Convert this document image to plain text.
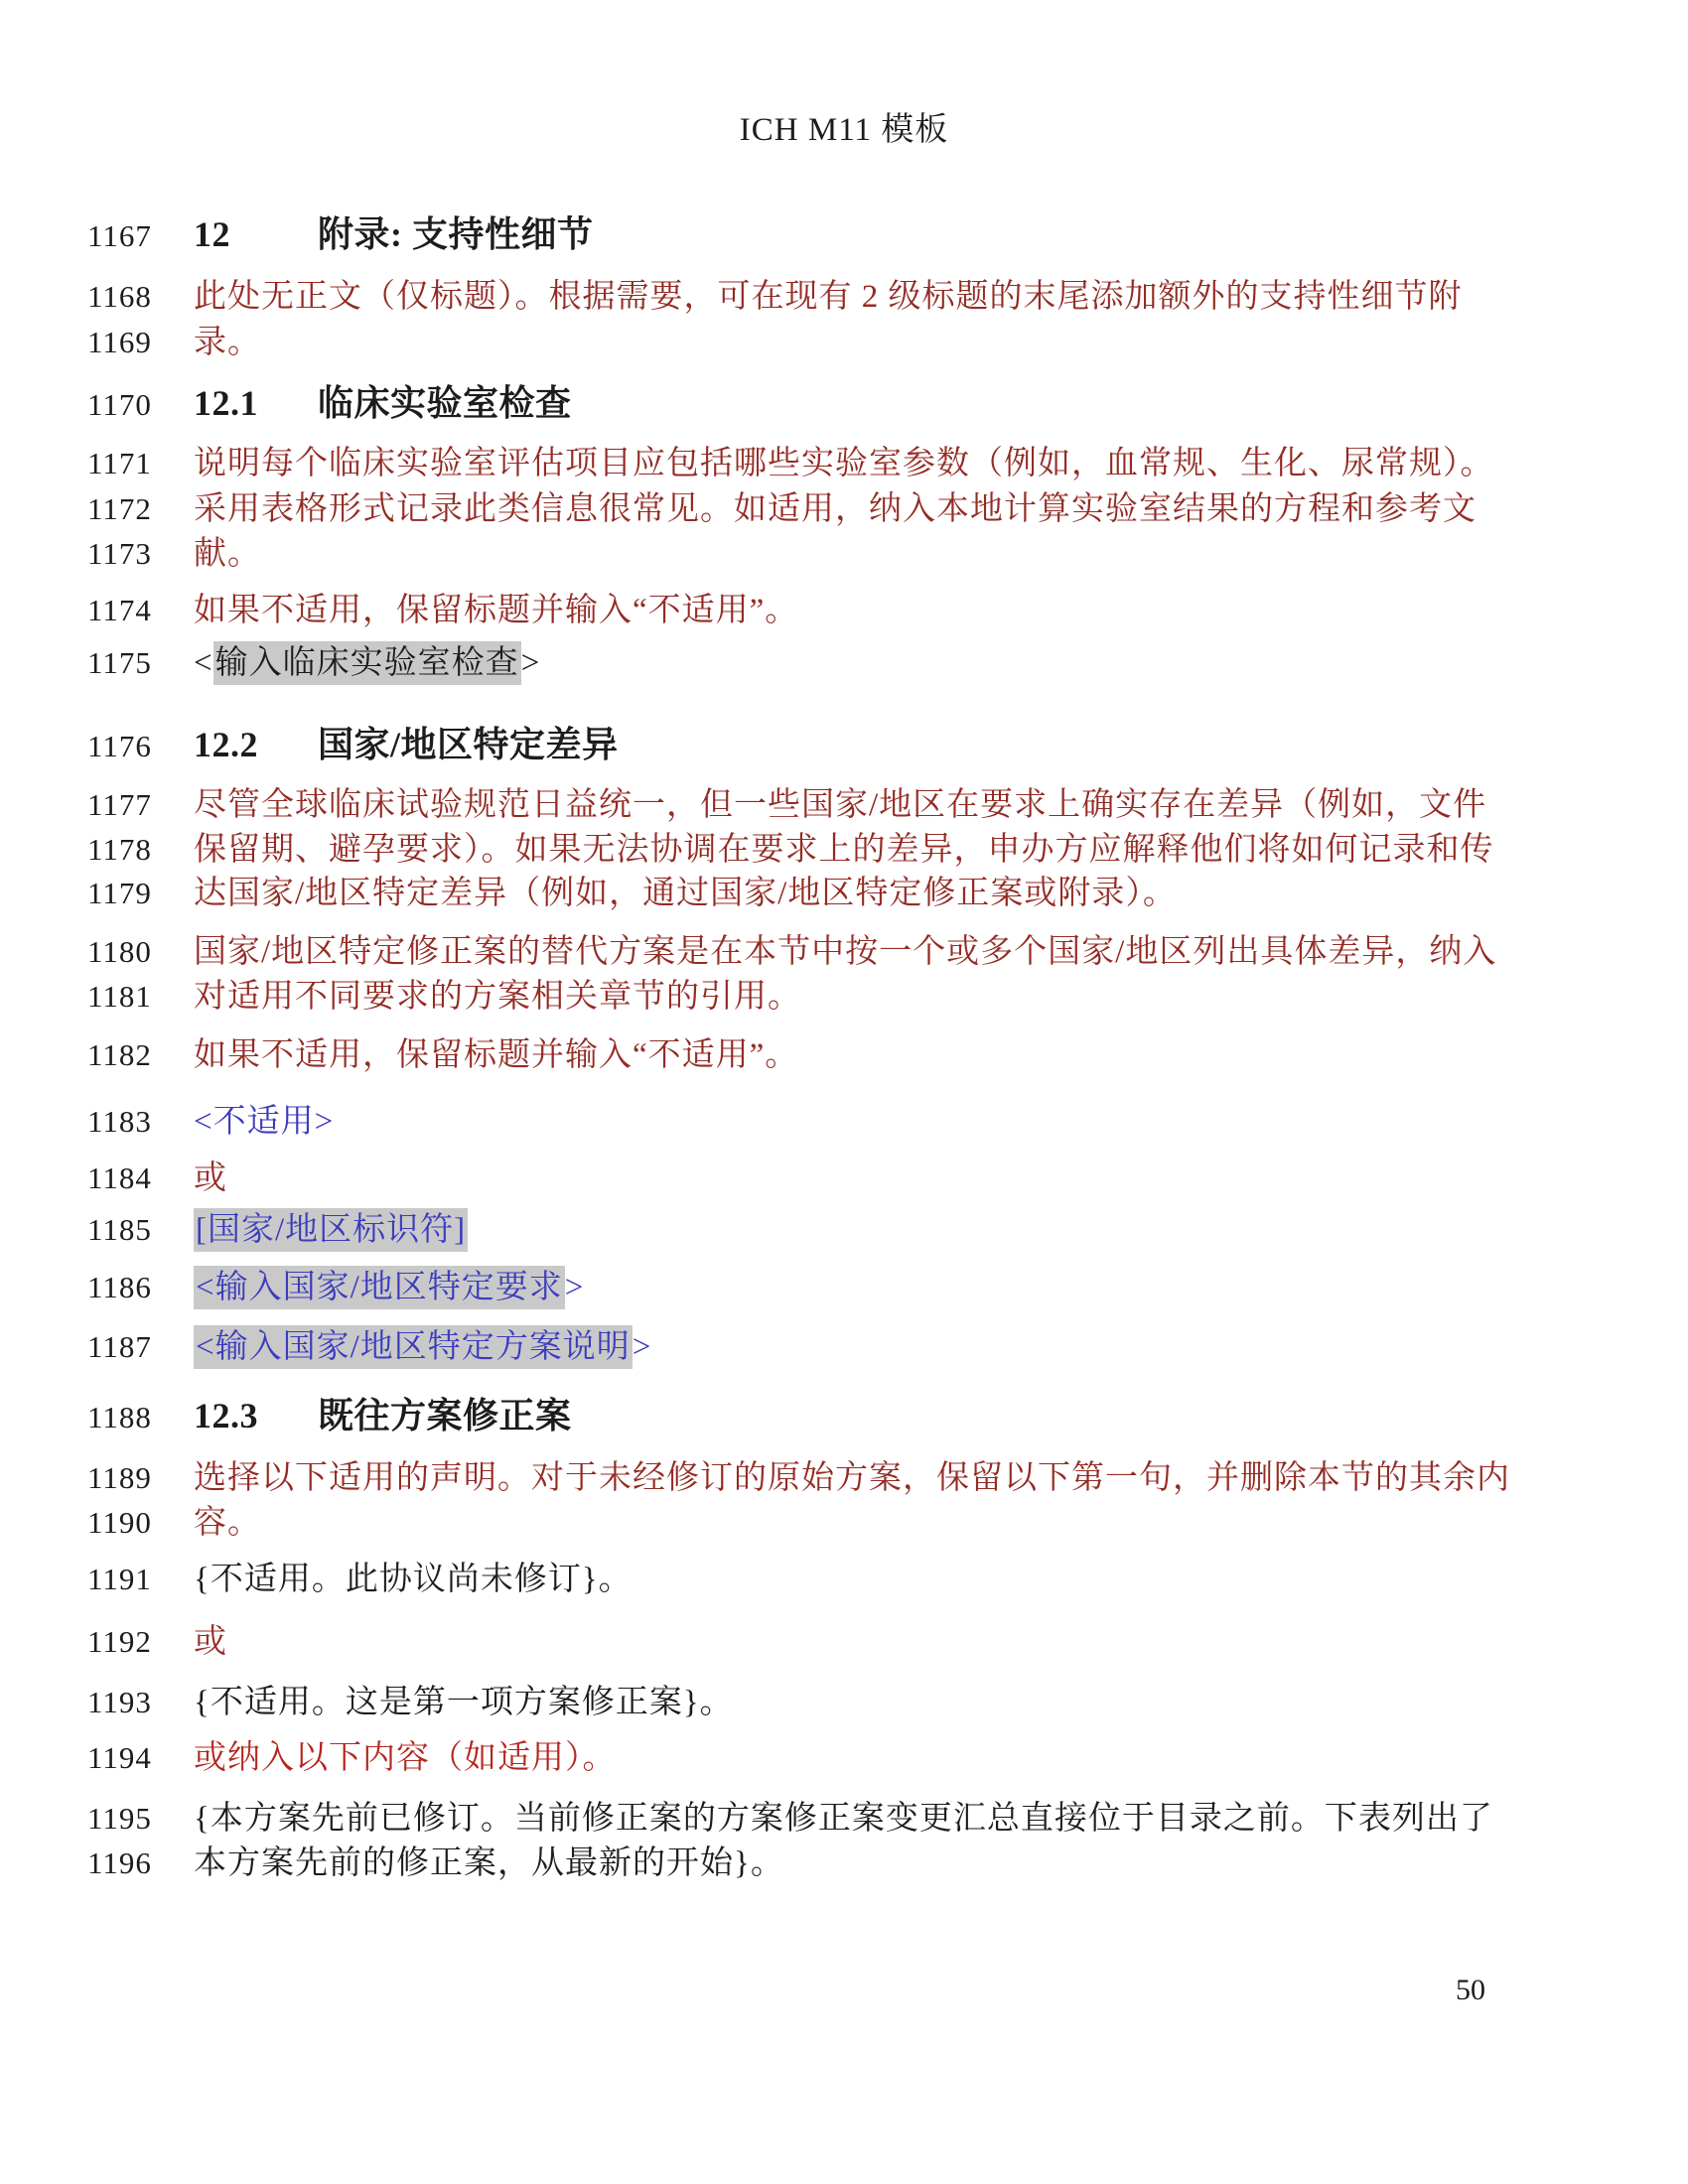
ICH M11 模板
1167 12 附录: 支持性细节
1168 此处无正文（仅标题）。根据需要，可在现有 2 级标题的末尾添加额外的支持性细节附
1169 录。
1170 12.1 临床实验室检查
1171 说明每个临床实验室评估项目应包括哪些实验室参数（例如，血常规、生化、尿常规）。
1172 采用表格形式记录此类信息很常见。如适用，纳入本地计算实验室结果的方程和参考文
1173 献。
1174 如果不适用，保留标题并输入“不适用”。
1175 <输入临床实验室检查>
1176 12.2 国家/地区特定差异
1177 尽管全球临床试验规范日益统一，但一些国家/地区在要求上确实存在差异（例如，文件
1178 保留期、避孕要求）。如果无法协调在要求上的差异，申办方应解释他们将如何记录和传
1179 达国家/地区特定差异（例如，通过国家/地区特定修正案或附录）。
1180 国家/地区特定修正案的替代方案是在本节中按一个或多个国家/地区列出具体差异，纳入
1181 对适用不同要求的方案相关章节的引用。
1182 如果不适用，保留标题并输入“不适用”。
1183 <不适用>
1184 或
1185 [国家/地区标识符]
1186 <输入国家/地区特定要求>
1187 <输入国家/地区特定方案说明>
1188 12.3 既往方案修正案
1189 选择以下适用的声明。对于未经修订的原始方案，保留以下第一句，并删除本节的其余内
1190 容。
1191 {不适用。此协议尚未修订}。
1192 或
1193 {不适用。这是第一项方案修正案}。
1194 或纳入以下内容（如适用）。
1195 {本方案先前已修订。当前修正案的方案修正案变更汇总直接位于目录之前。下表列出了
1196 本方案先前的修正案，从最新的开始}。
50
